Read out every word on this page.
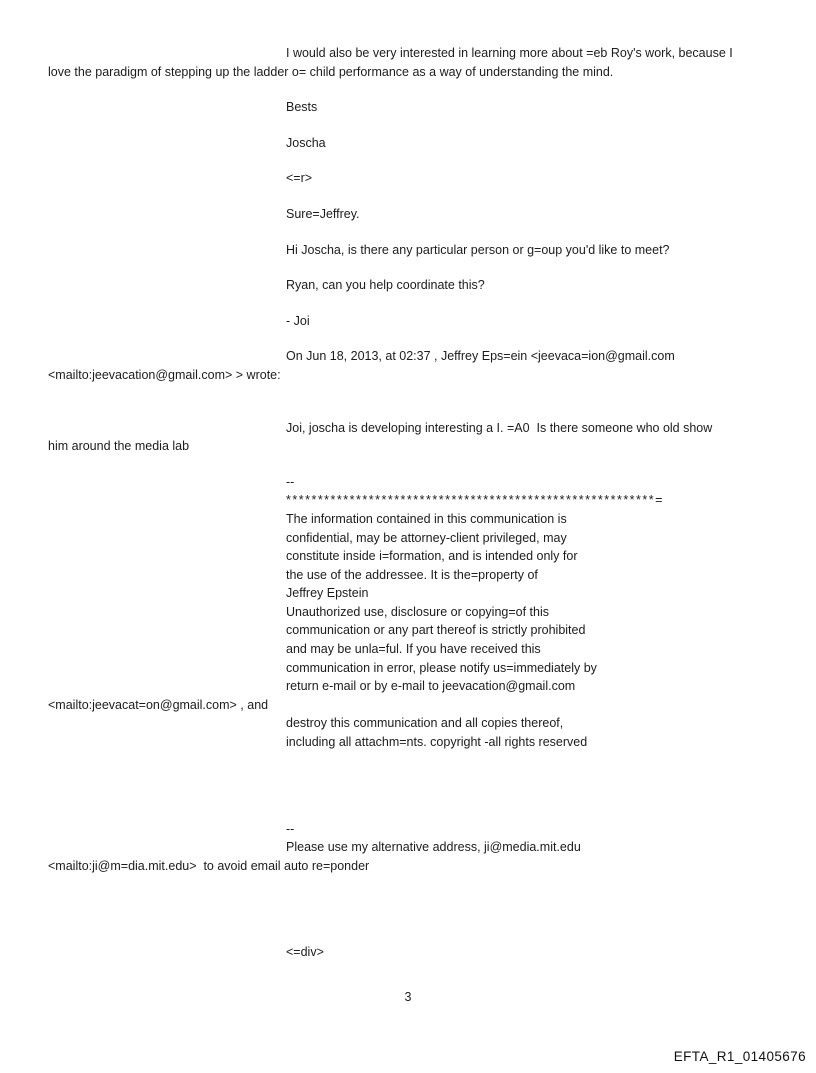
I would also be very interested in learning more about =eb Roy's work, because I
love the paradigm of stepping up the ladder o= child performance as a way of understanding the mind.
Bests
Joscha
<=r>
Sure=Jeffrey.
Hi Joscha, is there any particular person or g=oup you'd like to meet?
Ryan, can you help coordinate this?
- Joi
On Jun 18, 2013, at 02:37 , Jeffrey Eps=ein <jeevaca=ion@gmail.com
<mailto:jeevacation@gmail.com> > wrote:
Joi, joscha is developing interesting a I. =A0  Is there someone who old show
him around the media lab
--
**********************************************************=
The information contained in this communication is
confidential, may be attorney-client privileged, may
constitute inside i=formation, and is intended only for
the use of the addressee. It is the=property of
Jeffrey Epstein
Unauthorized use, disclosure or copying=of this
communication or any part thereof is strictly prohibited
and may be unla=ful. If you have received this
communication in error, please notify us=immediately by
return e-mail or by e-mail to jeevacation@gmail.com
<mailto:jeevacat=on@gmail.com> , and
destroy this communication and all copies thereof,
including all attachm=nts. copyright -all rights reserved
--
Please use my alternative address, ji@media.mit.edu
<mailto:ji@m=dia.mit.edu>  to avoid email auto re=ponder
<=div>
3
EFTA_R1_01405676
